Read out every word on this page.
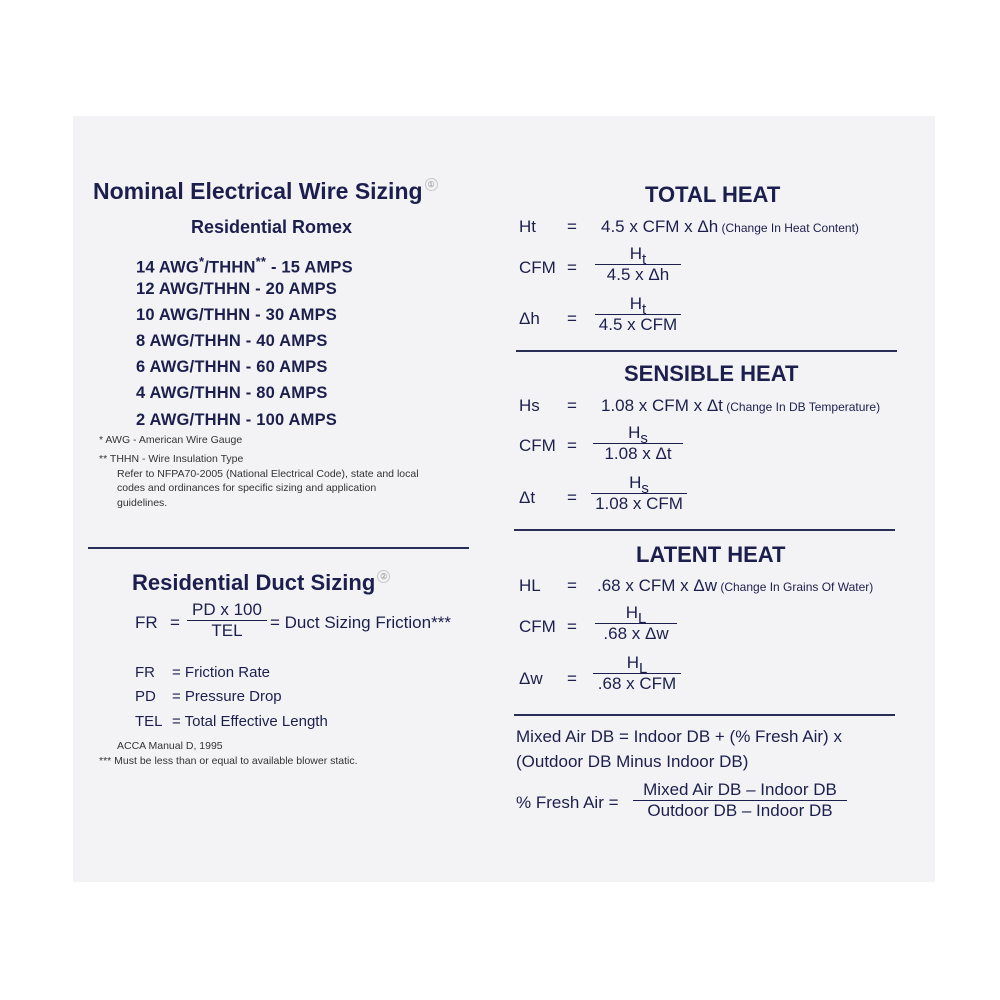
Nominal Electrical Wire Sizing ①
Residential Romex
14 AWG*/THHN** - 15 AMPS
12 AWG/THHN - 20 AMPS
10 AWG/THHN - 30 AMPS
8 AWG/THHN - 40 AMPS
6 AWG/THHN - 60 AMPS
4 AWG/THHN - 80 AMPS
2 AWG/THHN - 100 AMPS
* AWG - American Wire Gauge
** THHN - Wire Insulation Type
Refer to NFPA70-2005 (National Electrical Code), state and local
codes and ordinances for specific sizing and application
guidelines.
Residential Duct Sizing ②
FR =
PD x 100
TEL	= Duct Sizing Friction***
FR = Friction Rate
PD = Pressure Drop
TEL = Total Effective Length
ACCA Manual D, 1995
*** Must be less than or equal to available blower static.
TOTAL HEAT
Ht = 4.5 x CFM x Δh (Change In Heat Content)
CFM = $\frac{Ht}{\text{4.5 x Δh}}$
Δh =
Ht
4.5 x CFM
SENSIBLE HEAT
Hs = 1.08 x CFM x Δt (Change In DB Temperature)
CFM = $\frac{Hs}{\text{1.08 x Δt}}$
Δt =
Hs
1.08 x CFM
LATENT HEAT
HL = .68 x CFM x Δw (Change In Grains Of Water)
CFM = $\frac{HL}{\text{.68 x Δw}}$
Δw =
HL
.68 x CFM
Mixed Air DB = Indoor DB + (% Fresh Air) x
(Outdoor DB Minus Indoor DB)
% Fresh Air =
Mixed Air DB – Indoor DB
Outdoor DB – Indoor DB
